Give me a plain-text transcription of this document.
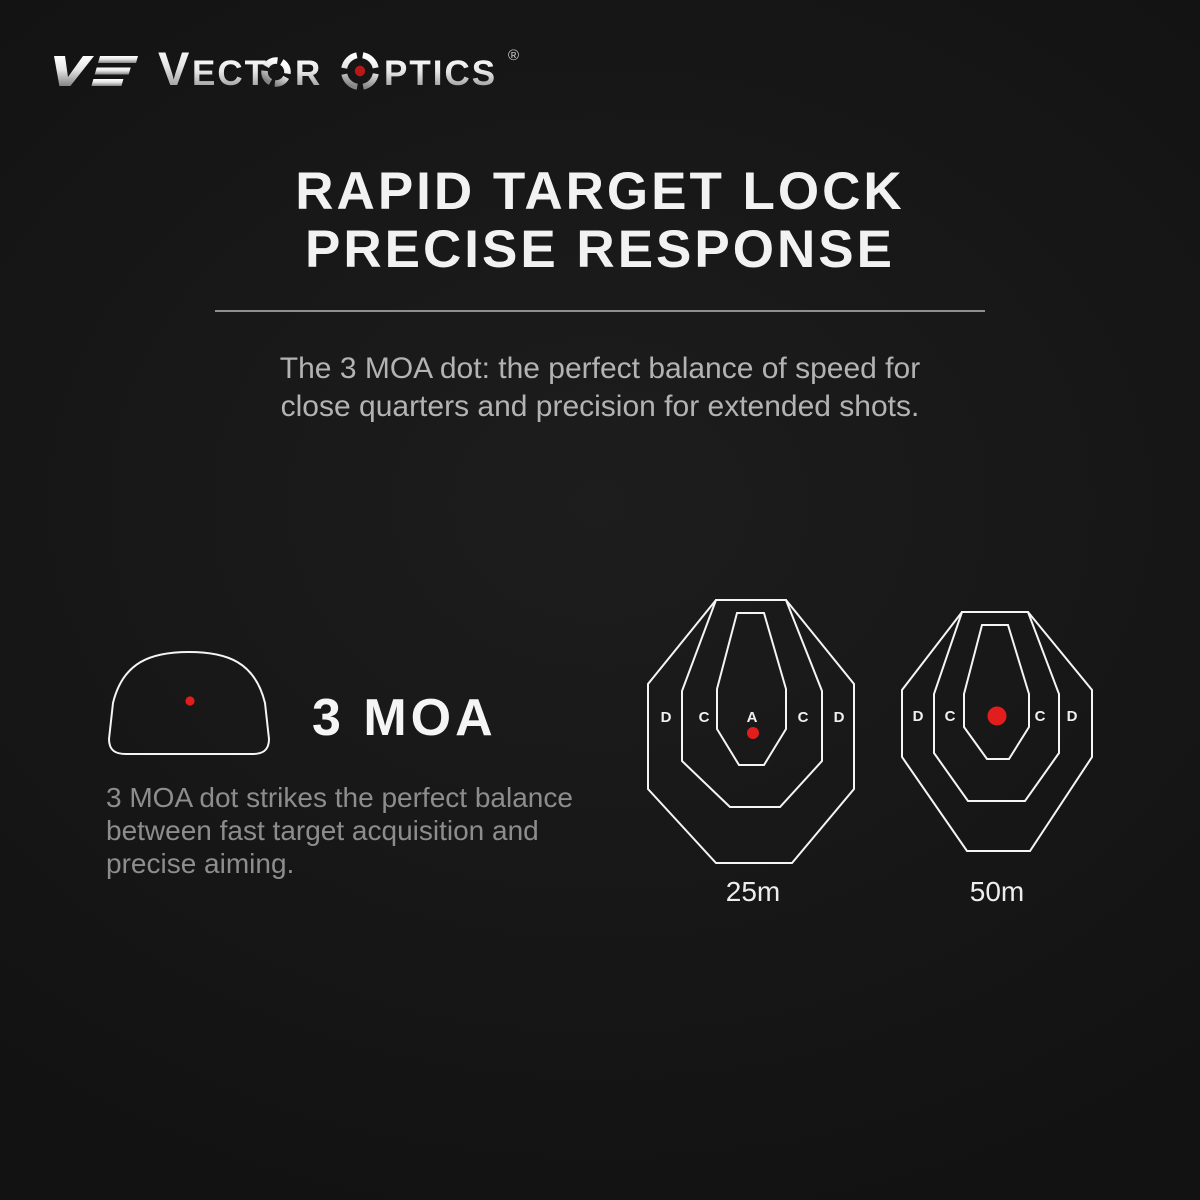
V ECT R PTICS ®
RAPID TARGET LOCK
PRECISE RESPONSE
The 3 MOA dot: the perfect balance of speed for
close quarters and precision for extended shots.
3 MOA
3 MOA dot strikes the perfect balance
between fast target acquisition and
precise aiming.
D C A	C D
25m
D C	C D
50m
